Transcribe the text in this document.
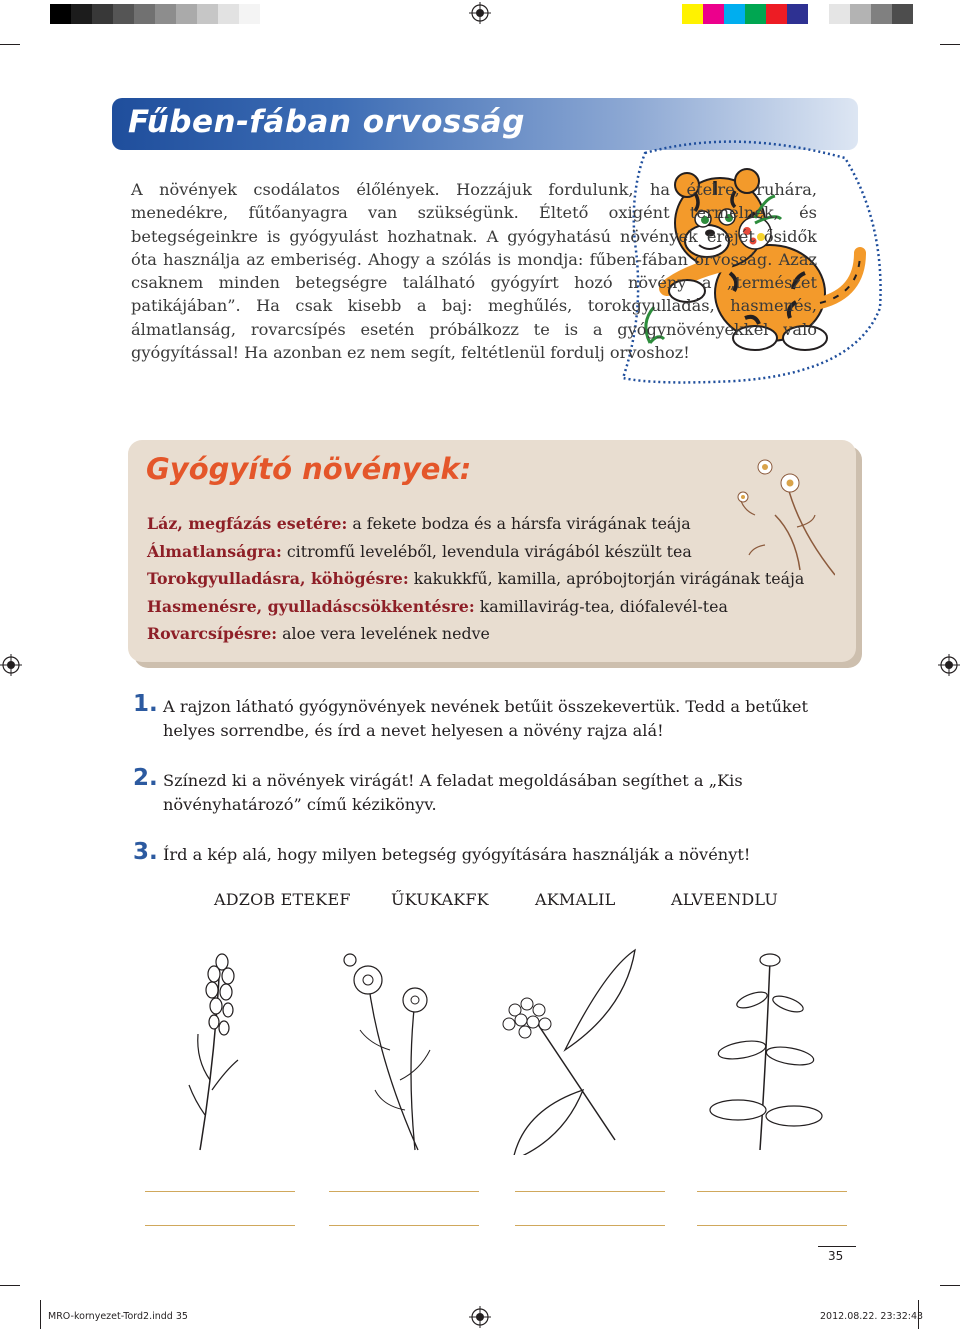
Fűben-fában orvosság

A növények csodálatos élőlények. Hozzájuk fordulunk, ha ételre, ruhára, menedékre, fűtőanyagra van szükségünk. Éltető oxigént termelnek, és betegségeinkre is gyógyulást hozhatnak. A gyógyhatású növények erejét ősidők óta használja az emberiség. Ahogy a szólás is mondja: fűben-fában orvosság. Azaz csaknem minden betegségre található gyógyírt hozó növény a „természet patikájában”. Ha csak kisebb a baj: meghűlés, torokgyulladás, hasmenés, álmatlanság, rovarcsípés esetén próbálkozz te is a gyógynövényekkel való gyógyítással! Ha azonban ez nem segít, feltétlenül fordulj orvoshoz!

Gyógyító növények:
Láz, megfázás esetére: a fekete bodza és a hársfa virágának teája
Álmatlanságra: citromfű leveléből, levendula virágából készült tea
Torokgyulladásra, köhögésre: kakukkfű, kamilla, apróbojtorján virágának teája
Hasmenésre, gyulladáscsökkentésre: kamillavirág-tea, diófalevél-tea
Rovarcsípésre: aloe vera levelének nedve
1. A rajzon látható gyógynövények nevének betűit összekevertük. Tedd a betűket helyes sorrendbe, és írd a nevet helyesen a növény rajza alá!
2. Színezd ki a növények virágát! A feladat megoldásában segíthet a „Kis növényhatározó” című kézikönyv.
3. Írd a kép alá, hogy milyen betegség gyógyítására használják a növényt!
ADZOB ETEKEF	ŰKUKAKFK	AKMALIL	ALVEENDLU
35
MRO-kornyezet-Tord2.indd 35	2012.08.22. 23:32:43
